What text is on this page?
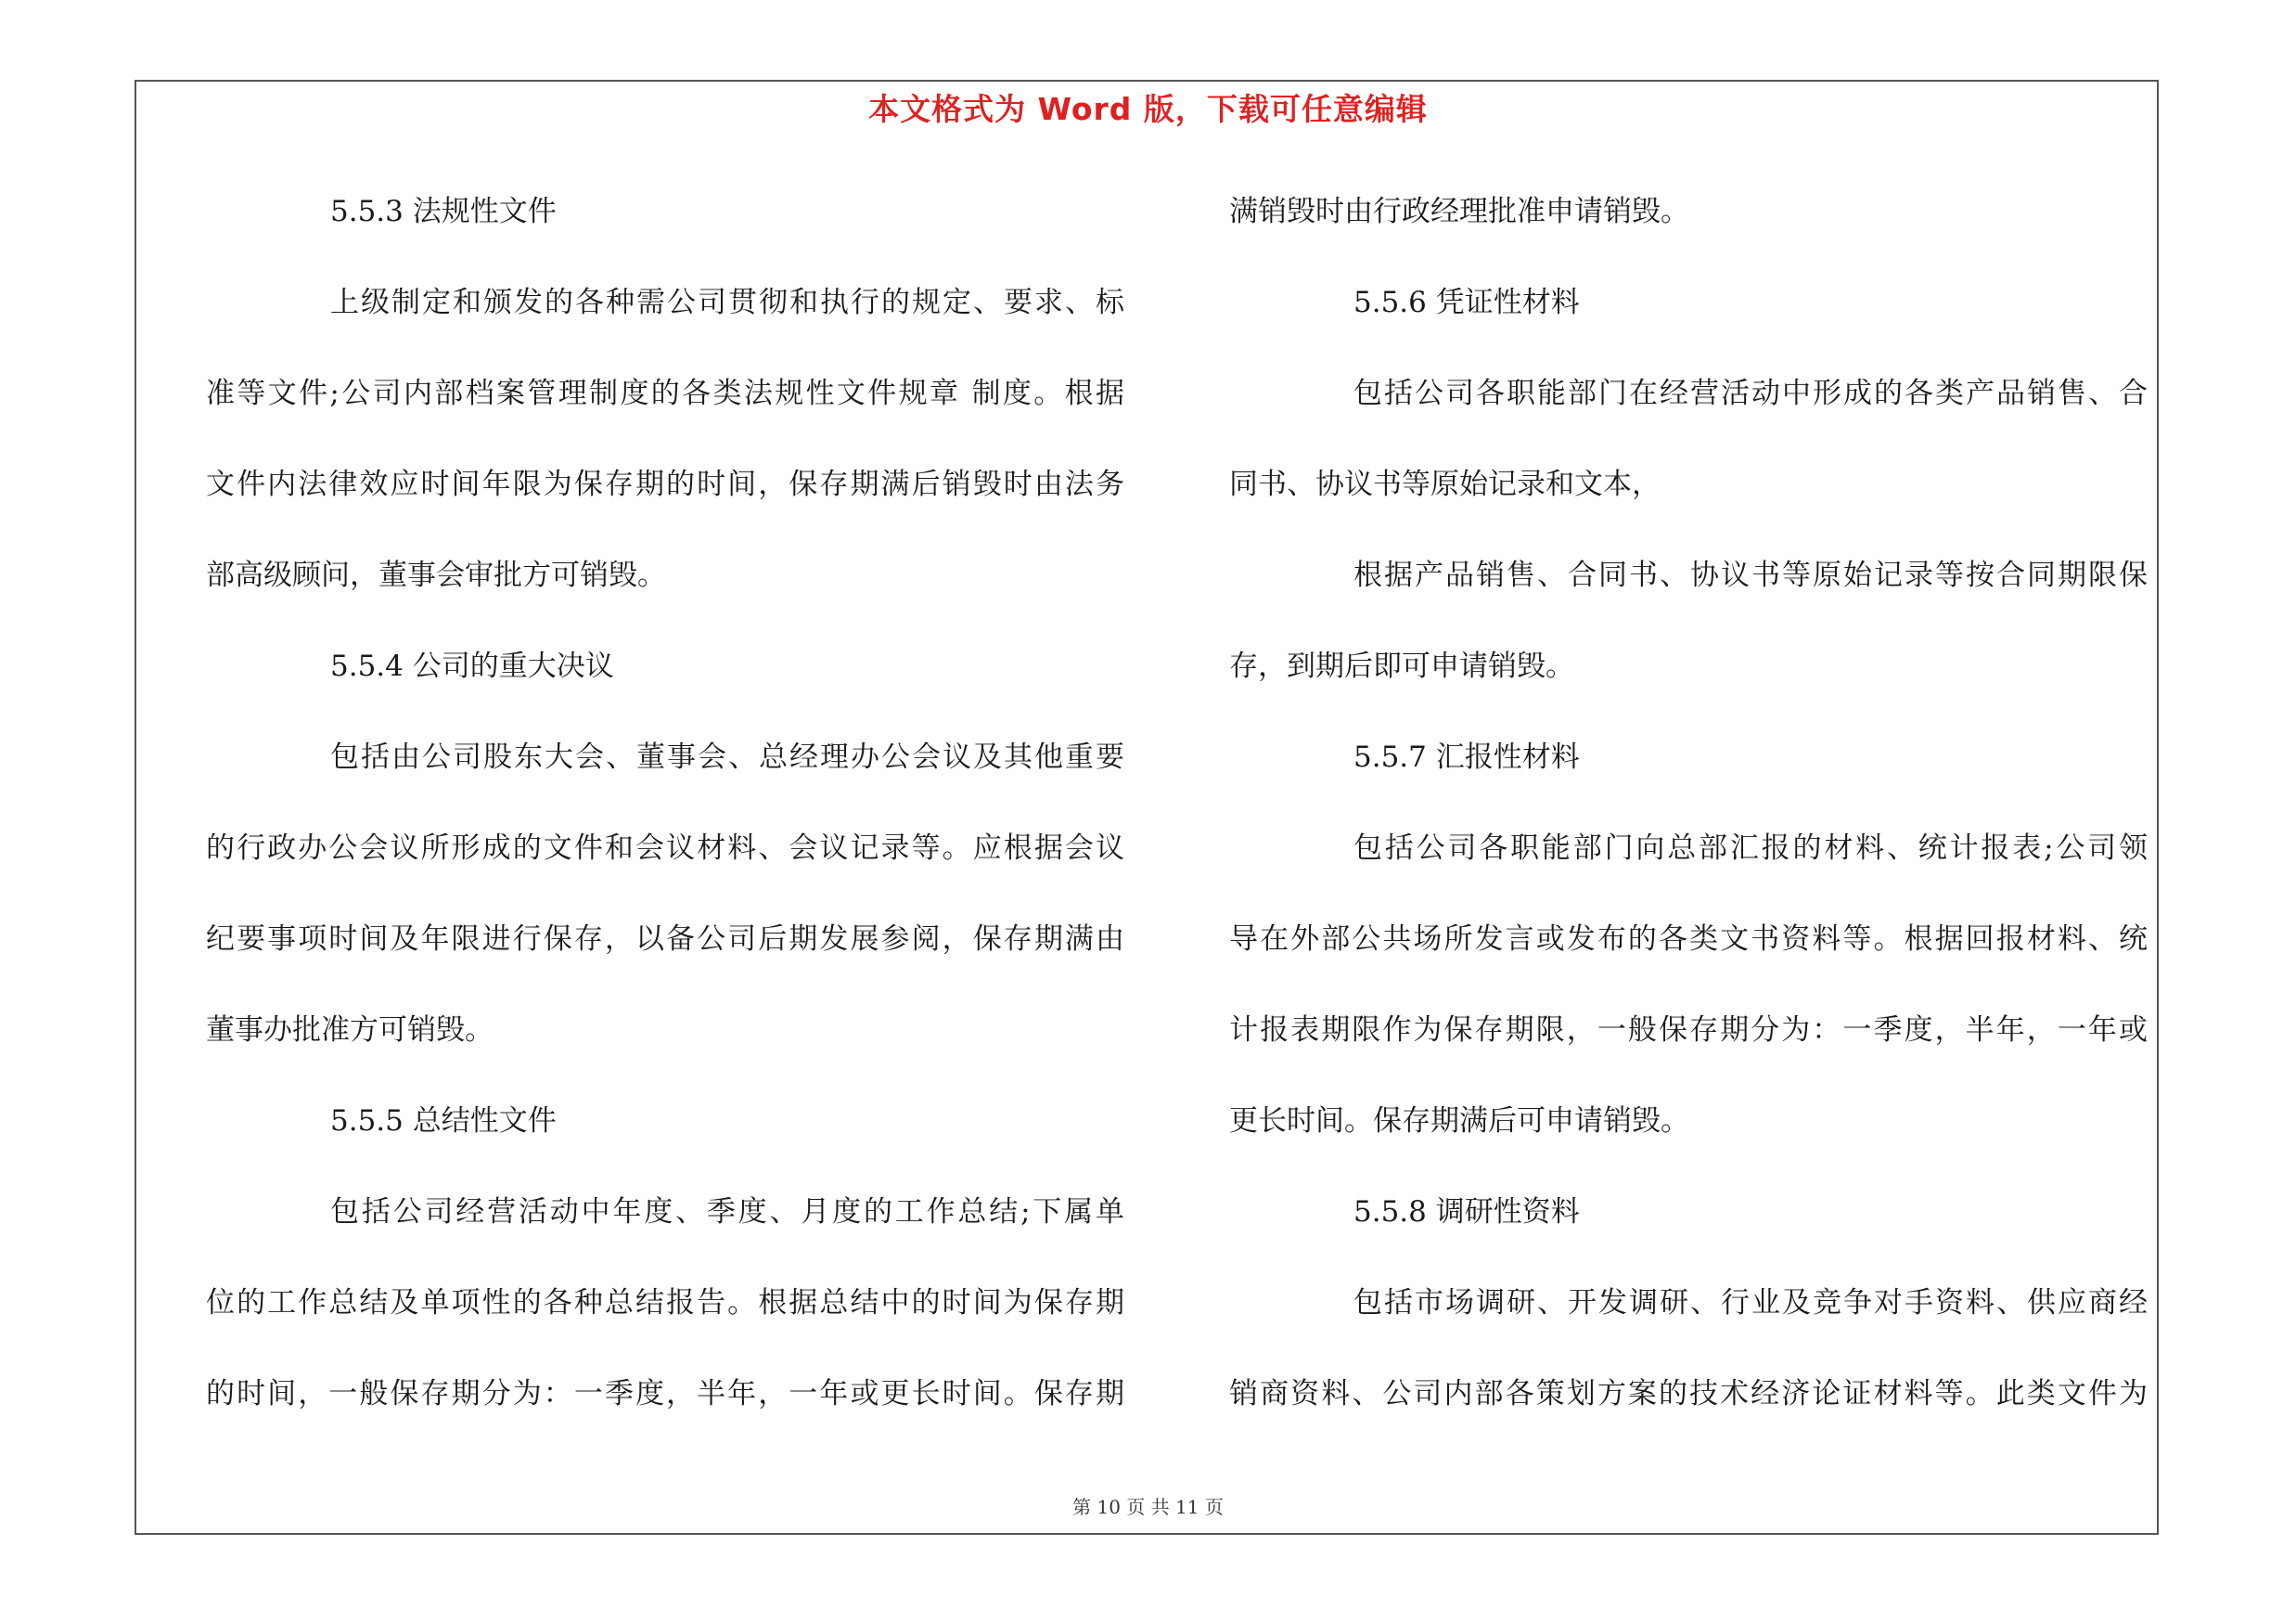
本文格式为 Word 版，下载可任意编辑
5.5.3 法规性文件
上级制定和颁发的各种需公司贯彻和执行的规定、要求、标
准等文件;公司内部档案管理制度的各类法规性文件规章 制度。根据
文件内法律效应时间年限为保存期的时间，保存期满后销毁时由法务
部高级顾问，董事会审批方可销毁。
5.5.4 公司的重大决议
包括由公司股东大会、董事会、总经理办公会议及其他重要
的行政办公会议所形成的文件和会议材料、会议记录等。应根据会议
纪要事项时间及年限进行保存，以备公司后期发展参阅，保存期满由
董事办批准方可销毁。
5.5.5 总结性文件
包括公司经营活动中年度、季度、月度的工作总结;下属单
位的工作总结及单项性的各种总结报告。根据总结中的时间为保存期
的时间，一般保存期分为：一季度，半年，一年或更长时间。保存期
满销毁时由行政经理批准申请销毁。
5.5.6 凭证性材料
包括公司各职能部门在经营活动中形成的各类产品销售、合
同书、协议书等原始记录和文本，
根据产品销售、合同书、协议书等原始记录等按合同期限保
存，到期后即可申请销毁。
5.5.7 汇报性材料
包括公司各职能部门向总部汇报的材料、统计报表;公司领
导在外部公共场所发言或发布的各类文书资料等。根据回报材料、统
计报表期限作为保存期限，一般保存期分为：一季度，半年，一年或
更长时间。保存期满后可申请销毁。
5.5.8 调研性资料
包括市场调研、开发调研、行业及竞争对手资料、供应商经
销商资料、公司内部各策划方案的技术经济论证材料等。此类文件为
第 10 页 共 11 页
